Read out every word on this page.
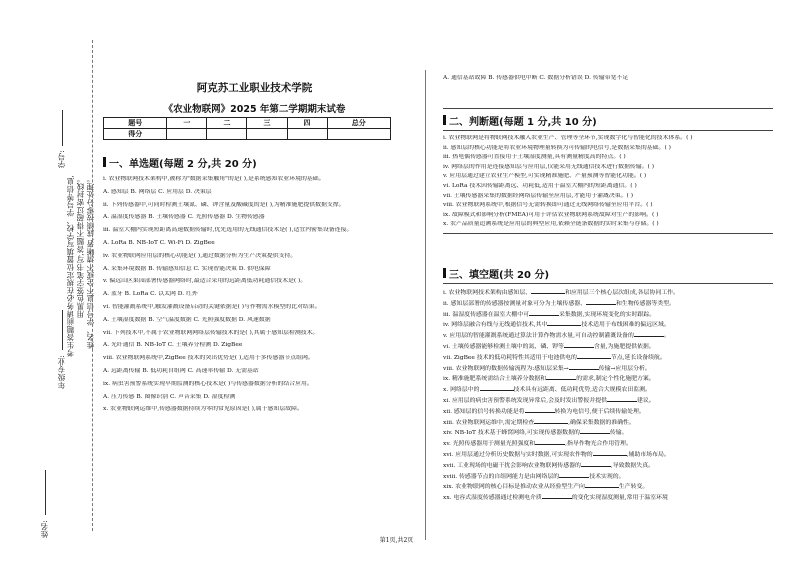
学号:
年级专业:
姓名:
考生答题前请务必在规定位置填写学校、学号等信息, 用黑色签字笔书写,答题不得超过密封线。 姓名、学号信息不全或不清晰者,成绩按零分处理。
阿克苏工业职业技术学院
《农业物联网》2025 年第二学期期末试卷
题号	一	二	三	四	总分
得分					
一、单选题(每题 2 分,共 20 分)
i. 农业物联网技术架构中,被称为"数据采集触角"的是( ),是系统感知农业环境的基础。
A. 感知层 B. 网络层 C. 应用层 D. 决策层
ii. 下列传感器中,可同时检测土壤氮、磷、钾含量及酸碱度的是( ),为精准施肥提供数据支撑。
A. 温湿度传感器 B. 土壤传感器 C. 光照传感器 D. 生物传感器
iii. 温室大棚内实现短距离高速数据传输时,优先选用的无线通信技术是( ),适宜内密集设备连接。
A. LoRa B. NB-IoT C. Wi-Fi D. ZigBee
iv. 农业物联网应用层的核心功能是( ),通过数据分析为生产决策提供支持。
A. 采集环境数据 B. 传输感知信息 C. 实现智能决策 D. 供电保障
v. 偏远山区果园部署传感器网络时,最适合采用的远距离低功耗通信技术是( )。
A. 蓝牙 B. LoRa C. 以太网 D. 红外
vi. 智能灌溉系统中,触发灌溉设备启动的关键依据是( )与作物需水模型的比对结果。
A. 土壤湿度数据 B. 空气温度数据 C. 光照强度数据 D. 风速数据
vii. 下列技术中,不属于农业物联网网络层传输技术的是( ),其属于感知层检测技术。
A. 光纤通信 B. NB-IoT C. 土壤养分检测 D. ZigBee
viii. 农业物联网系统中,ZigBee 技术的突出优势是( ),适用于多传感器节点组网。
A. 远距离传输 B. 低功耗自组网 C. 高速率传输 D. 无需基站
ix. 病虫害预警系统实现早期监测的核心技术是( )与传感器数据分析的结合应用。
A. 压力传感 B. 图像识别 C. 声音采集 D. 湿度检测
x. 农业物联网运维中,传感器数据持续为零的常见原因是( ),属于感知层故障。
A. 通信基站故障 B. 传感器供电中断 C. 数据分析错误 D. 传输带宽不足
二、判断题(每题 1 分,共 10 分)
i. 农业物联网是将物联网技术融入农业生产、管理等全环节,实现数字化与智能化的技术体系。( )
ii. 感知层的核心功能是将农业环境物理量转换为可传输的电信号,是数据采集的基础。( )
iii. 热电偶传感器可直接用于土壤湿度测量,具有测量精度高的特点。( )
iv. 网络层的作用是连接感知层与应用层,仅能采用无线通信技术进行数据传输。( )
v. 应用层通过建立农业生产模型,可实现精准施肥、产量预测等智能化功能。( )
vi. LoRa 技术因传输距离远、功耗低,适用于温室大棚内的短距离通信。( )
vii. 土壤传感器采集的数据经网络层传输至应用层,才能用于灌溉决策。( )
viii. 农业物联网系统中,根据信号无需转换即可通过无线网络传输至应用平台。( )
ix. 故障模式和影响分析(FMEA)可用于评估农业物联网系统故障对生产的影响。( )
x. 农产品质量追溯系统是应用层的典型应用,依赖全链条数据的实时采集与存储。( )
三、填空题(共 20 分)
i. 农业物联网技术架构由感知层、	和应用层三个核心层次组成,各层协同工作。
ii. 感知层部署的传感器按测量对象可分为土壤传感器、	和生物传感器等类型。
iii. 温湿度传感器在温室大棚中可	采集数据,实现环境变化的实时跟踪。
iv. 网络层融合有线与无线通信技术,其中	技术适用于布线困难的偏远区域。
v. 应用层的智能灌溉系统通过算法计算作物需水量,可自动控制灌溉设备的	。
vi. 土壤传感器能够检测土壤中的氮、磷、钾等	含量,为施肥提供依据。
vii. ZigBee 技术的低功耗特性其适用于电池供电的	节点,延长设备续航。
viii. 农业物联网的数据传输流程为:感知层采集→	传输→应用层分析。
ix. 精准施肥系统需结合土壤养分数据和	的需求,制定个性化施肥方案。
x. 网络层中的	技术具有远距离、低功耗优势,适合大规模农田监测。
xi. 应用层的病虫害预警系统发现异常后,会及时发出警报并提供	建议。
xii. 感知层的信号转换功能是将	转换为电信号,便于后续传输处理。
xiii. 农业物联网运维中,需定期检查	,确保采集数据的准确性。
xiv. NB-IoT 技术基于蜂窝网络,可实现传感器数据的	传输。
xv. 光照传感器用于测量光照强度和	,指导作物光合作用管理。
xvi. 应用层通过分析历史数据与实时数据,可实现农作物的	,辅助市场布局。
xvii. 工业现场的电磁干扰会影响农业物联网传感器的	,导致数据失真。
xviii. 传感器节点的自组网能力是由网络层的	技术实现的。
xix. 农业物联网的核心目标是推动农业从经验型生产向	生产转变。
xx. 电容式湿度传感器通过检测电介质	的变化实现湿度测量,常用于温室环境
第1页,共2页
